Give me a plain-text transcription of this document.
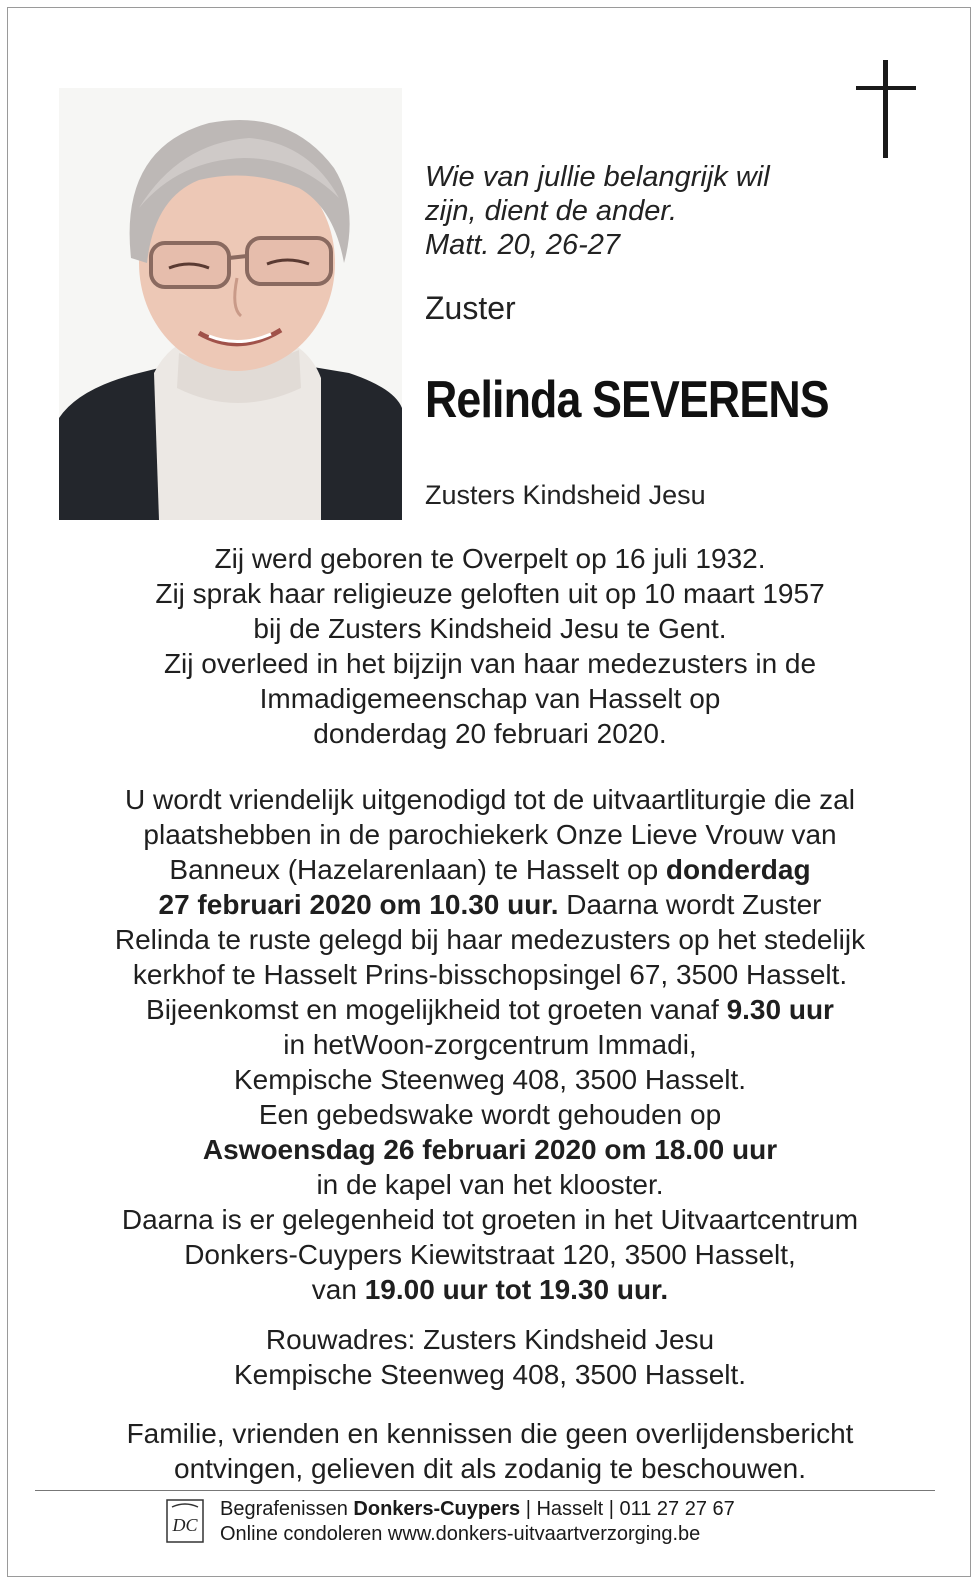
Wie van jullie belangrijk wil
zijn, dient de ander.
Matt. 20, 26-27
Zuster
Relinda SEVERENS
Zusters Kindsheid Jesu

Zij werd geboren te Overpelt op 16 juli 1932.

Zij sprak haar religieuze geloften uit op 10 maart 1957

bij de Zusters Kindsheid Jesu te Gent.

Zij overleed in het bijzijn van haar medezusters in de

Immadigemeenschap van Hasselt op

donderdag 20 februari 2020.

U wordt vriendelijk uitgenodigd tot de uitvaartliturgie die zal

plaatshebben in de parochiekerk Onze Lieve Vrouw van

Banneux (Hazelarenlaan) te Hasselt op donderdag

27 februari 2020 om 10.30 uur. Daarna wordt Zuster

Relinda te ruste gelegd bij haar medezusters op het stedelijk

kerkhof te Hasselt Prins-bisschopsingel 67, 3500 Hasselt.

Bijeenkomst en mogelijkheid tot groeten vanaf 9.30 uur

in hetWoon-zorgcentrum Immadi,

Kempische Steenweg 408, 3500 Hasselt.

Een gebedswake wordt gehouden op

Aswoensdag 26 februari 2020 om 18.00 uur

in de kapel van het klooster.

Daarna is er gelegenheid tot groeten in het Uitvaartcentrum

Donkers-Cuypers Kiewitstraat 120, 3500 Hasselt,

van 19.00 uur tot 19.30 uur.

Rouwadres: Zusters Kindsheid Jesu

Kempische Steenweg 408, 3500 Hasselt.

Familie, vrienden en kennissen die geen overlijdensbericht

ontvingen, gelieven dit als zodanig te beschouwen.

DC
Begrafenissen Donkers-Cuypers | Hasselt | 011 27 27 67
Online condoleren www.donkers-uitvaartverzorging.be
